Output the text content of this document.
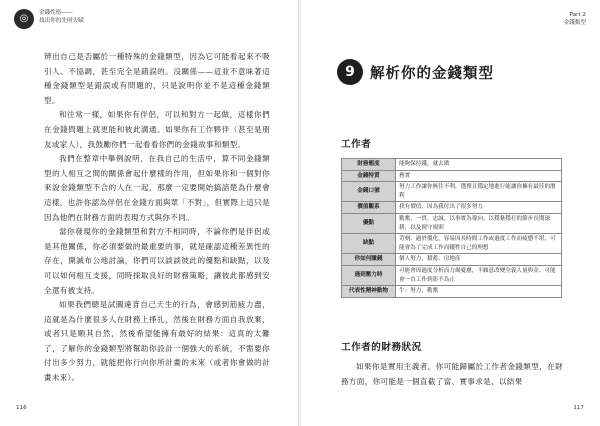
◎	金錢性格——
找出你的先財天賦

辨出自己是否屬於一種特殊的金錢類型，因為它可能看起來不吸引人、不協調，甚至完全是錯誤的。沒關係——這並不意味著這種金錢類型是錯誤或有問題的，只是說明你並不是這種金錢類型。

和往常一樣，如果你有伴侶，可以和對方一起做，這樣你們在金錢問題上就更能和彼此溝通。如果你有工作夥伴（甚至是朋友或家人），我鼓勵你們一起看看你們的金錢故事和類型。

我們在整章中舉例說明，在我自己的生活中，算不同金錢類型的人相互之間的關係會起什麼樣的作用，但如果你和一個對你來說金錢類型不合的人在一起，那麼一定要開始搞諳楚為什麼會這樣，也許你認為伴侶在金錢方面與眾「不對」，但實際上這只是因為他們在財務方面的表現方式與你不同。

當你發現你的金錢類型和對方不相同時，不論你們是伴侶或是其他關係，你必須要做的最重要的事，就是確認這種差異性的存在，開誠布公地討論，你們可以談談彼此的優點和缺點，以及可以如何相互支援，同時採取良好的財務策略，讓彼此都感到安全還有被支持。

如果我們總是試圖違背自己天生的行為，會感到筋疲力盡，這就是為什麼很多人在財務上掙扎，然後在財務方面自我放棄，或者只是順其自然，然後希望能擁有最好的結果：這真的太難了，了解你的金錢類型將幫助你設計一個強大的系統，不需要你付出多少努力，就能把你行向你所計畫的未來（或者你會做的計畫未來）。

116
Part 2
金錢類型
117
9	解析你的金錢類型
工作者
財務態度	能夠保持錢，就去做
金錢特質	務實
金錢口號	努力工作讓你無往不利，選擇且穩定地進行能讓你擁有最佳的潛利
價值觀系	我有價值，因為我付出了很多努力
優點	勤奮、一貫、忠誠、以事實為導向、以穩紮穩打的節步長期深耕、以及擅守規則
缺點	苛刻、過於僵化，容易因長時間工作或過度工作而疲憊不堪，可能會為了完成工作而犧牲自己的理想
你如何賺錢	個人努力、積蓄、房地產
遇到壓力時	可能會因過度分析而力竭憂慮，不願意改變全義人量與金、可能會一直工作到影不為止
代表性精神動物	牛：努力、勤奮
工作者的財務狀況

如果你是實用主義者，你可能歸屬於工作者金錢類型，在財務方面，你可能是一個直截了當、實事求是、以結果
